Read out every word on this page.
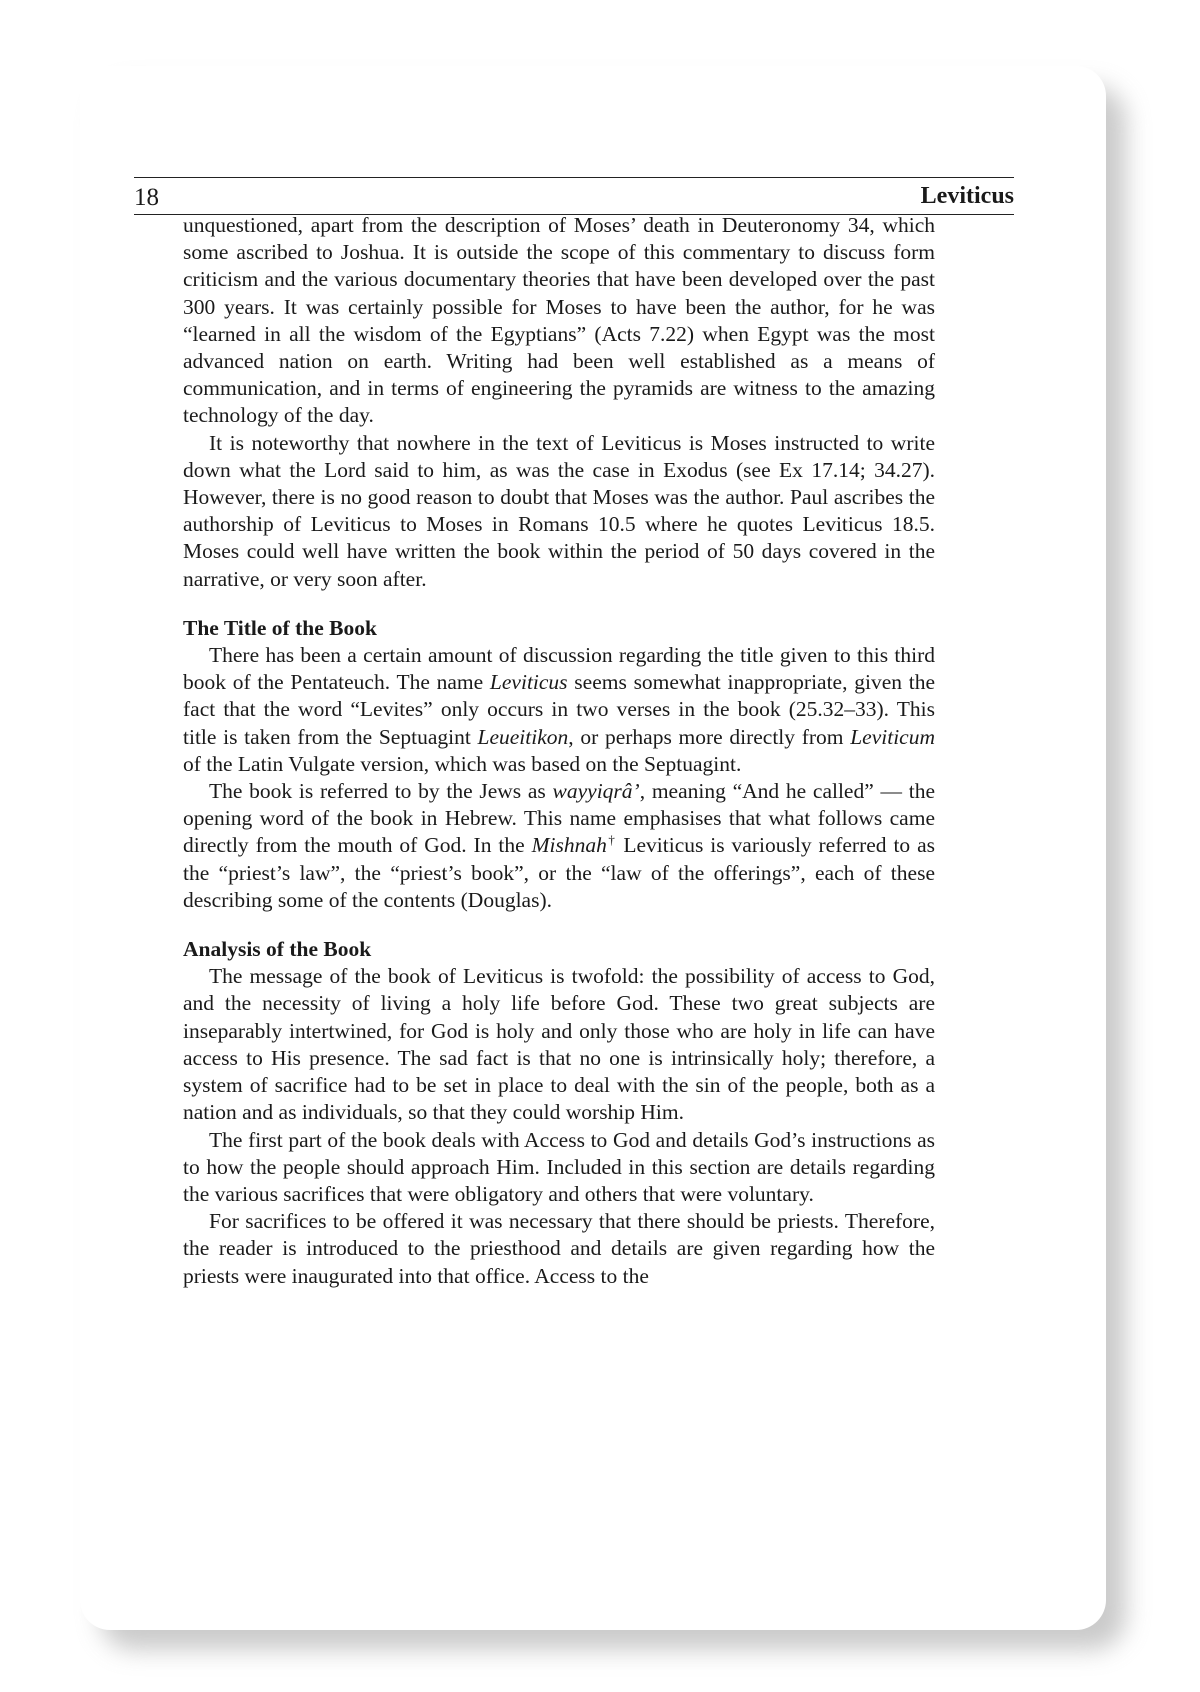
18	Leviticus

unquestioned, apart from the description of Moses’ death in Deuteronomy 34, which some ascribed to Joshua. It is outside the scope of this commentary to discuss form criticism and the various documentary theories that have been developed over the past 300 years. It was certainly possible for Moses to have been the author, for he was “learned in all the wisdom of the Egyptians” (Acts 7.22) when Egypt was the most advanced nation on earth. Writing had been well established as a means of communication, and in terms of engineering the pyramids are witness to the amazing technology of the day.

It is noteworthy that nowhere in the text of Leviticus is Moses instructed to write down what the Lord said to him, as was the case in Exodus (see Ex 17.14; 34.27). However, there is no good reason to doubt that Moses was the author. Paul ascribes the authorship of Leviticus to Moses in Romans 10.5 where he quotes Leviticus 18.5. Moses could well have written the book within the period of 50 days covered in the narrative, or very soon after.

The Title of the Book

There has been a certain amount of discussion regarding the title given to this third book of the Pentateuch. The name Leviticus seems somewhat inappropriate, given the fact that the word “Levites” only occurs in two verses in the book (25.32–33). This title is taken from the Septuagint Leueitikon, or perhaps more directly from Leviticum of the Latin Vulgate version, which was based on the Septuagint.

The book is referred to by the Jews as wayyiqrâ’, meaning “And he called” — the opening word of the book in Hebrew. This name emphasises that what follows came directly from the mouth of God. In the Mishnah† Leviticus is variously referred to as the “priest’s law”, the “priest’s book”, or the “law of the offerings”, each of these describing some of the contents (Douglas).

Analysis of the Book

The message of the book of Leviticus is twofold: the possibility of access to God, and the necessity of living a holy life before God. These two great subjects are inseparably intertwined, for God is holy and only those who are holy in life can have access to His presence. The sad fact is that no one is intrinsically holy; therefore, a system of sacrifice had to be set in place to deal with the sin of the people, both as a nation and as individuals, so that they could worship Him.

The first part of the book deals with Access to God and details God’s instructions as to how the people should approach Him. Included in this section are details regarding the various sacrifices that were obligatory and others that were voluntary.

For sacrifices to be offered it was necessary that there should be priests. Therefore, the reader is introduced to the priesthood and details are given regarding how the priests were inaugurated into that office. Access to the
